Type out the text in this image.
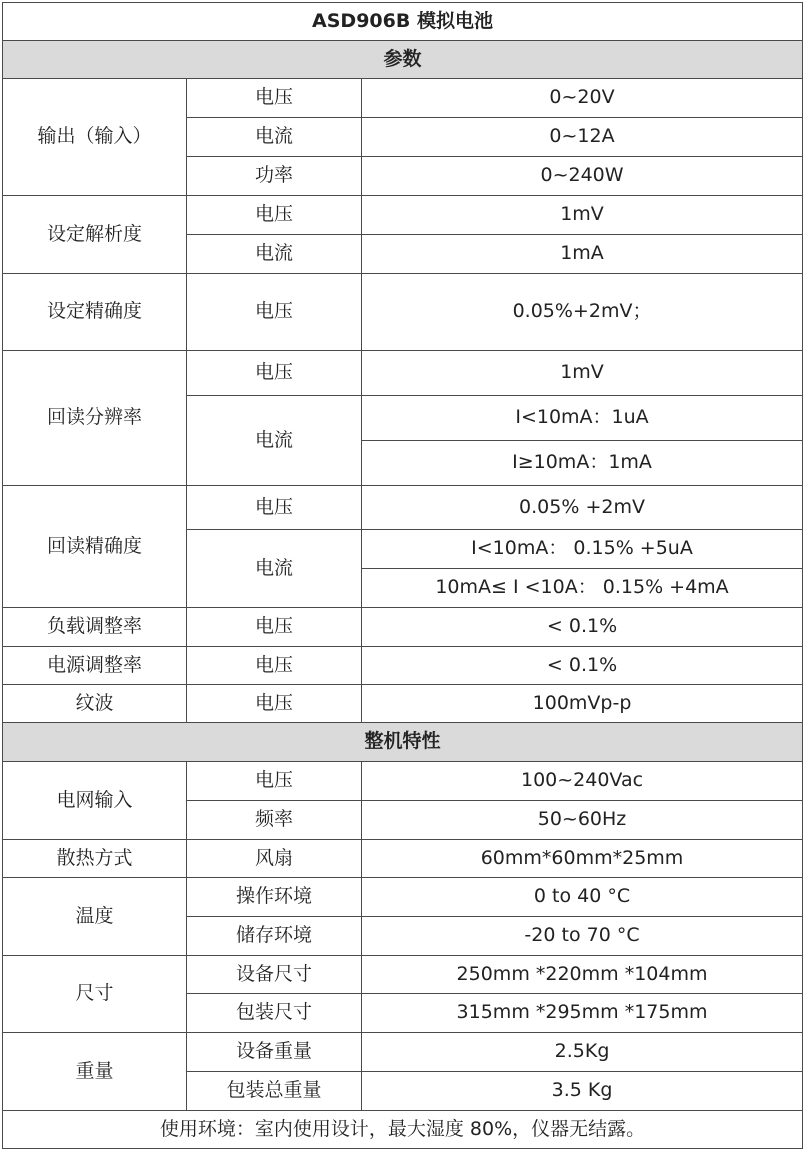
ASD906B 模拟电池		
参数		
输出（输入）	电压	0~20V
	电流	0~12A
	功率	0~240W
设定解析度	电压	1mV
	电流	1mA
设定精确度	电压	0.05%+2mV；
回读分辨率	电压	1mV
	电流	I<10mA：1uA
		I≥10mA：1mA
回读精确度	电压	0.05% +2mV
	电流	I<10mA： 0.15% +5uA
		10mA≤ I <10A： 0.15% +4mA
负载调整率	电压	< 0.1%
电源调整率	电压	< 0.1%
纹波	电压	100mVp-p
整机特性		
电网输入	电压	100~240Vac
	频率	50~60Hz
散热方式	风扇	60mm*60mm*25mm
温度	操作环境	0 to 40 °C
	储存环境	-20 to 70 °C
尺寸	设备尺寸	250mm *220mm *104mm
	包装尺寸	315mm *295mm *175mm
重量	设备重量	2.5Kg
	包装总重量	3.5 Kg
使用环境：室内使用设计，最大湿度 80%，仪器无结露。		
